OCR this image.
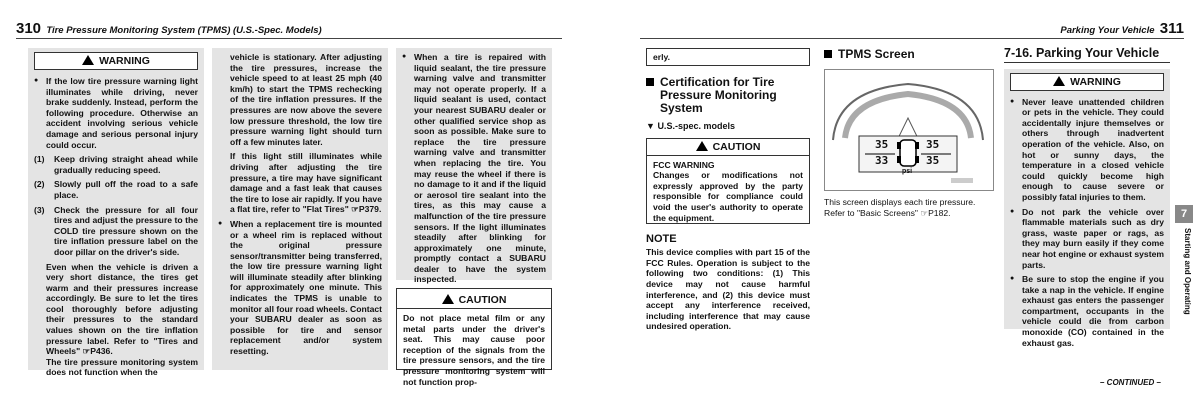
310 Tire Pressure Monitoring System (TPMS) (U.S.-Spec. Models)	Parking Your Vehicle 311
WARNING

● If the low tire pressure warning light illuminates while driving, never brake suddenly. Instead, perform the following procedure. Otherwise an accident involving serious vehicle damage and serious personal injury could occur.

(1) Keep driving straight ahead while gradually reducing speed.

(2) Slowly pull off the road to a safe place.

(3) Check the pressure for all four tires and adjust the pressure to the COLD tire pressure shown on the tire inflation pressure label on the door pillar on the driver's side.

Even when the vehicle is driven a very short distance, the tires get warm and their pressures increase accordingly. Be sure to let the tires cool thoroughly before adjusting their pressures to the standard values shown on the tire inflation pressure label. Refer to "Tires and Wheels" ☞P436.

The tire pressure monitoring system does not function when the

vehicle is stationary. After adjusting the tire pressures, increase the vehicle speed to at least 25 mph (40 km/h) to start the TPMS rechecking of the tire inflation pressures. If the pressures are now above the severe low pressure threshold, the low tire pressure warning light should turn off a few minutes later.

If this light still illuminates while driving after adjusting the tire pressure, a tire may have significant damage and a fast leak that causes the tire to lose air rapidly. If you have a flat tire, refer to "Flat Tires" ☞P379.

● When a replacement tire is mounted or a wheel rim is replaced without the original pressure sensor/transmitter being transferred, the low tire pressure warning light will illuminate steadily after blinking for approximately one minute. This indicates the TPMS is unable to monitor all four road wheels. Contact your SUBARU dealer as soon as possible for tire and sensor replacement and/or system resetting.

● When a tire is repaired with liquid sealant, the tire pressure warning valve and transmitter may not operate properly. If a liquid sealant is used, contact your nearest SUBARU dealer or other qualified service shop as soon as possible. Make sure to replace the tire pressure warning valve and transmitter when replacing the tire. You may reuse the wheel if there is no damage to it and if the liquid or aerosol tire sealant into the tires, as this may cause a malfunction of the tire pressure sensors. If the light illuminates steadily after blinking for approximately one minute, promptly contact a SUBARU dealer to have the system inspected.

CAUTION

Do not place metal film or any metal parts under the driver's seat. This may cause poor reception of the signals from the tire pressure sensors, and the tire pressure monitoring system will not function prop-

erly.

Certification for Tire Pressure Monitoring System
▼ U.S.-spec. models
CAUTION

FCC WARNING

Changes or modifications not expressly approved by the party responsible for compliance could void the user's authority to operate the equipment.

NOTE

This device complies with part 15 of the FCC Rules. Operation is subject to the following two conditions: (1) This device may not cause harmful interference, and (2) this device must accept any interference received, including interference that may cause undesired operation.

TPMS Screen
35	35
33	35
psi

This screen displays each tire pressure. Refer to "Basic Screens" ☞P182.

7-16. Parking Your Vehicle
WARNING

● Never leave unattended children or pets in the vehicle. They could accidentally injure themselves or others through inadvertent operation of the vehicle. Also, on hot or sunny days, the temperature in a closed vehicle could quickly become high enough to cause severe or possibly fatal injuries to them.

● Do not park the vehicle over flammable materials such as dry grass, waste paper or rags, as they may burn easily if they come near hot engine or exhaust system parts.

● Be sure to stop the engine if you take a nap in the vehicle. If engine exhaust gas enters the passenger compartment, occupants in the vehicle could die from carbon monoxide (CO) contained in the exhaust gas.

7
Starting and Operating
– CONTINUED –
